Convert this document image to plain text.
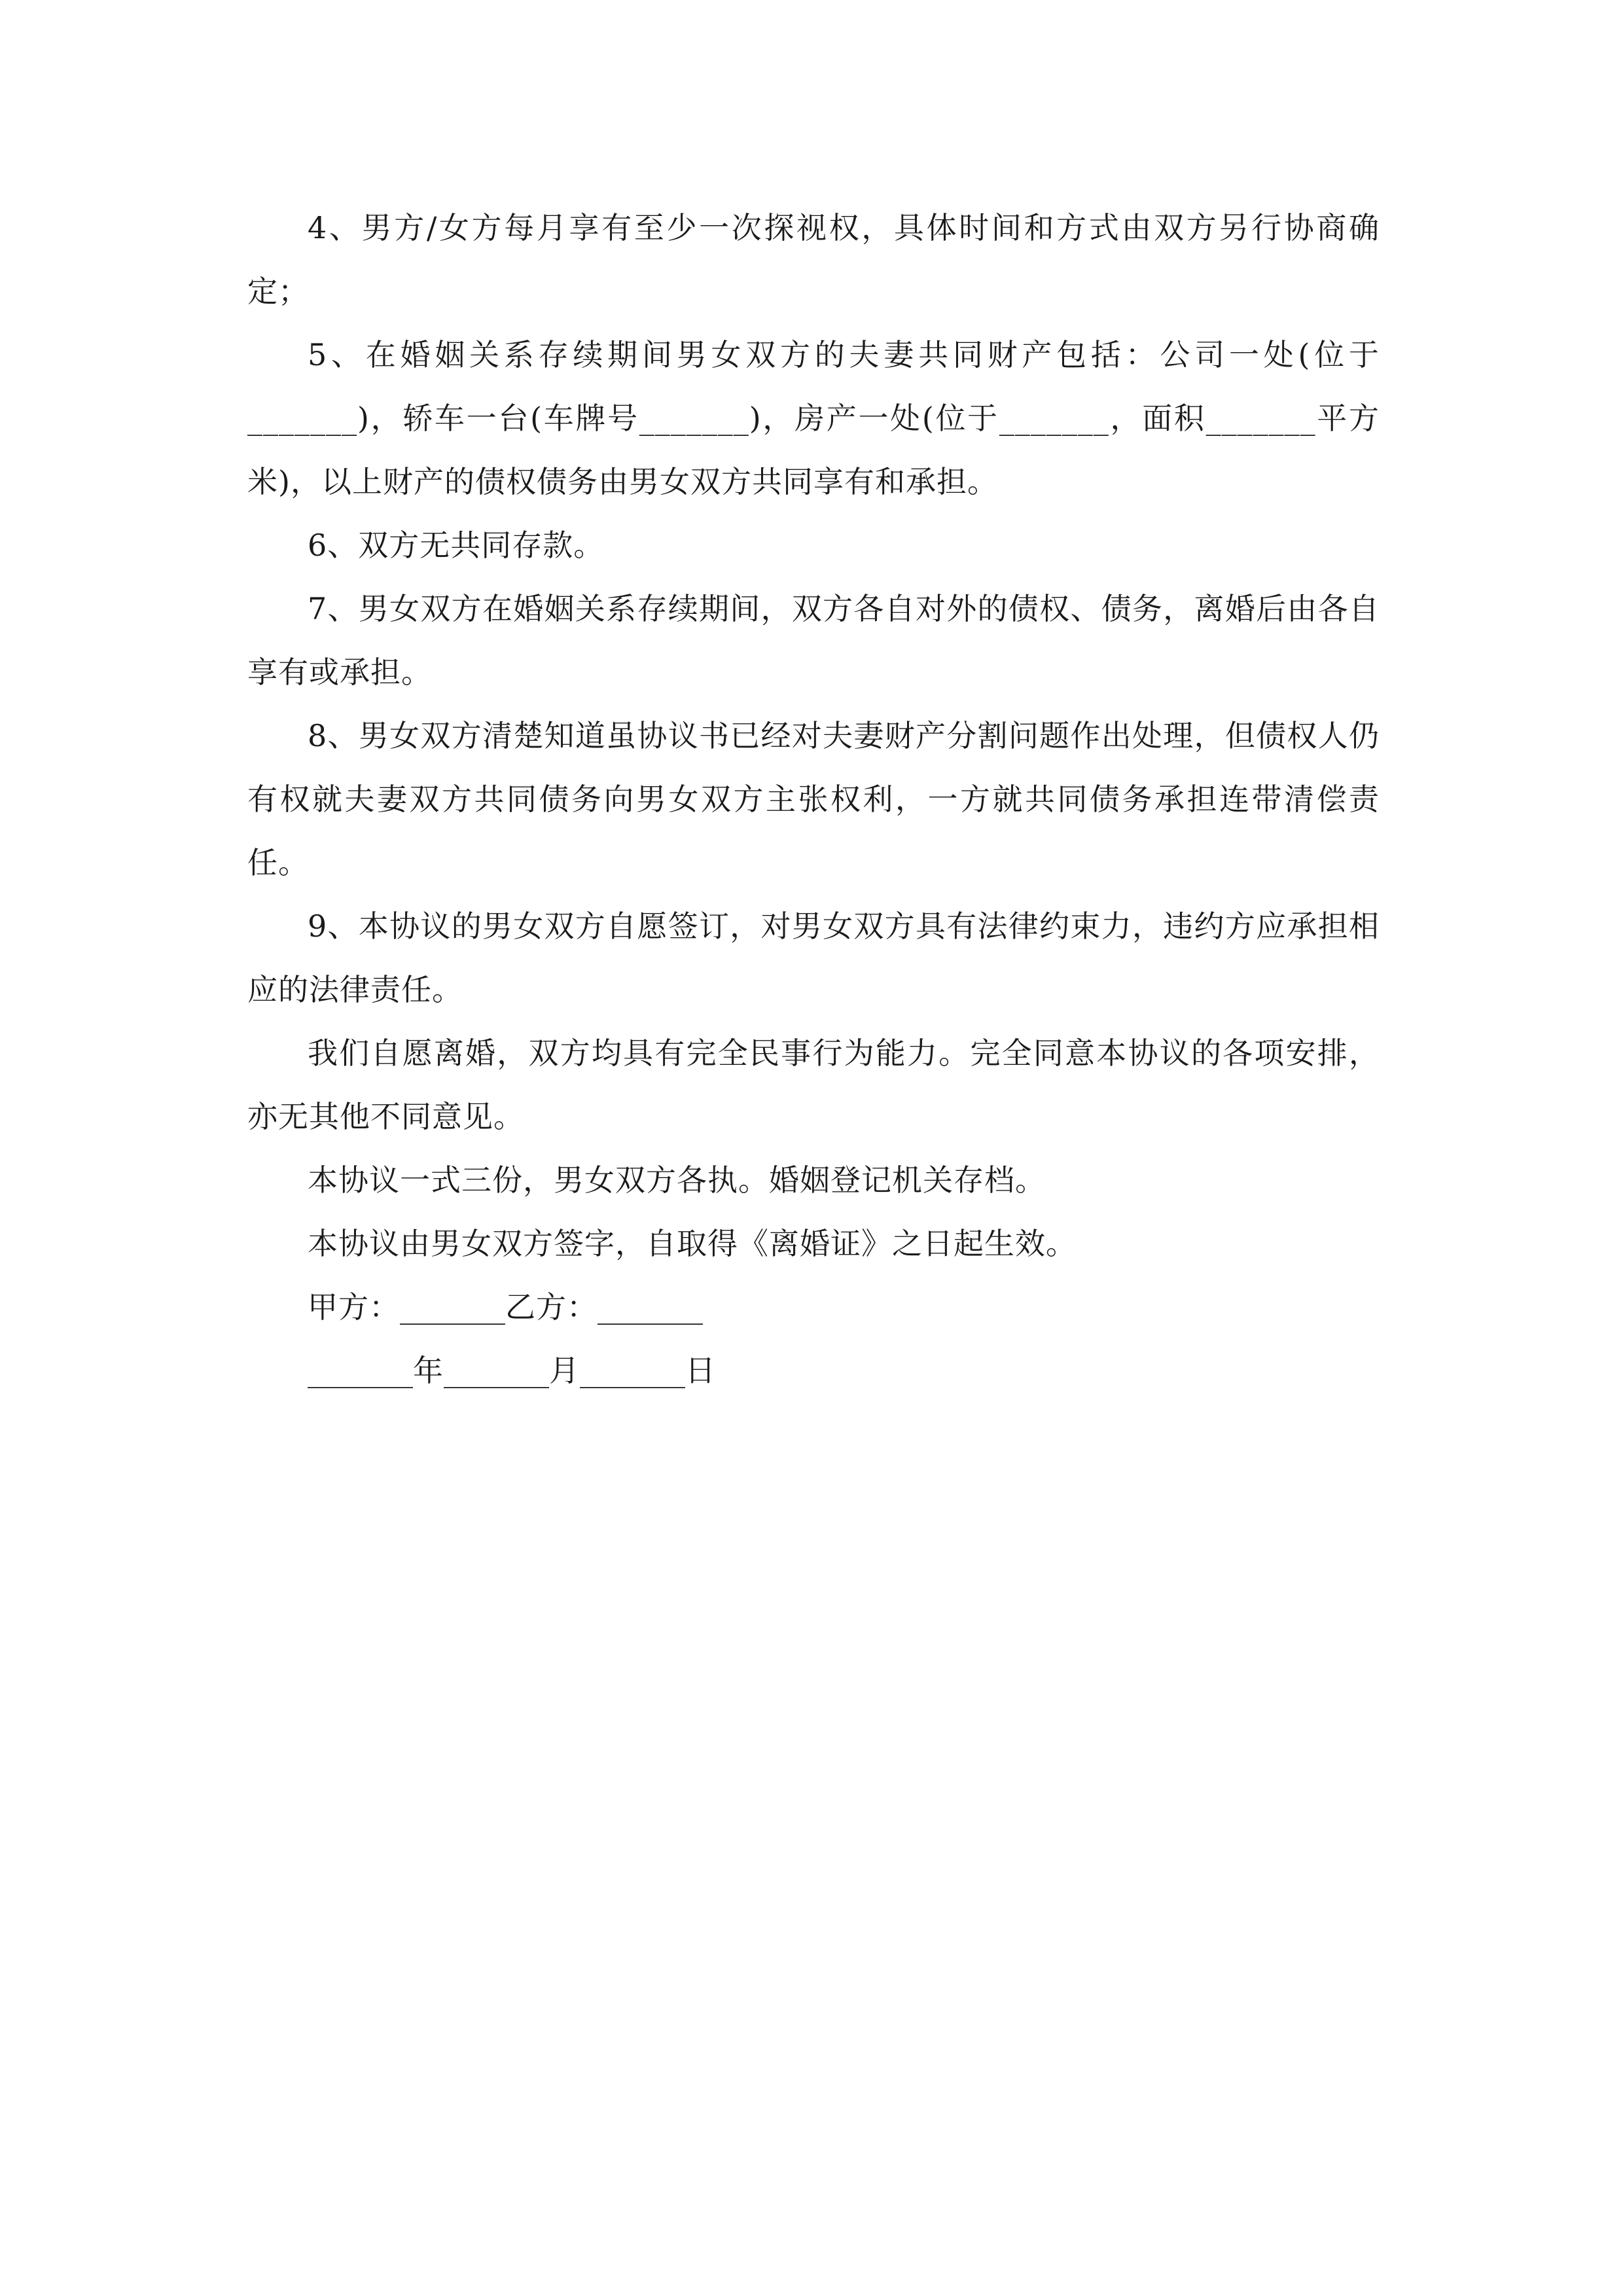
4、男方/女方每月享有至少一次探视权，具体时间和方式由双方另行协商确定；

5、在婚姻关系存续期间男女双方的夫妻共同财产包括：公司一处(位于_______)，轿车一台(车牌号_______)，房产一处(位于_______，面积_______平方米)，以上财产的债权债务由男女双方共同享有和承担。

6、双方无共同存款。

7、男女双方在婚姻关系存续期间，双方各自对外的债权、债务，离婚后由各自享有或承担。

8、男女双方清楚知道虽协议书已经对夫妻财产分割问题作出处理，但债权人仍有权就夫妻双方共同债务向男女双方主张权利，一方就共同债务承担连带清偿责任。

9、本协议的男女双方自愿签订，对男女双方具有法律约束力，违约方应承担相应的法律责任。

我们自愿离婚，双方均具有完全民事行为能力。完全同意本协议的各项安排，亦无其他不同意见。

本协议一式三份，男女双方各执。婚姻登记机关存档。

本协议由男女双方签字，自取得《离婚证》之日起生效。

甲方：_______乙方：_______
_______年_______月_______日
